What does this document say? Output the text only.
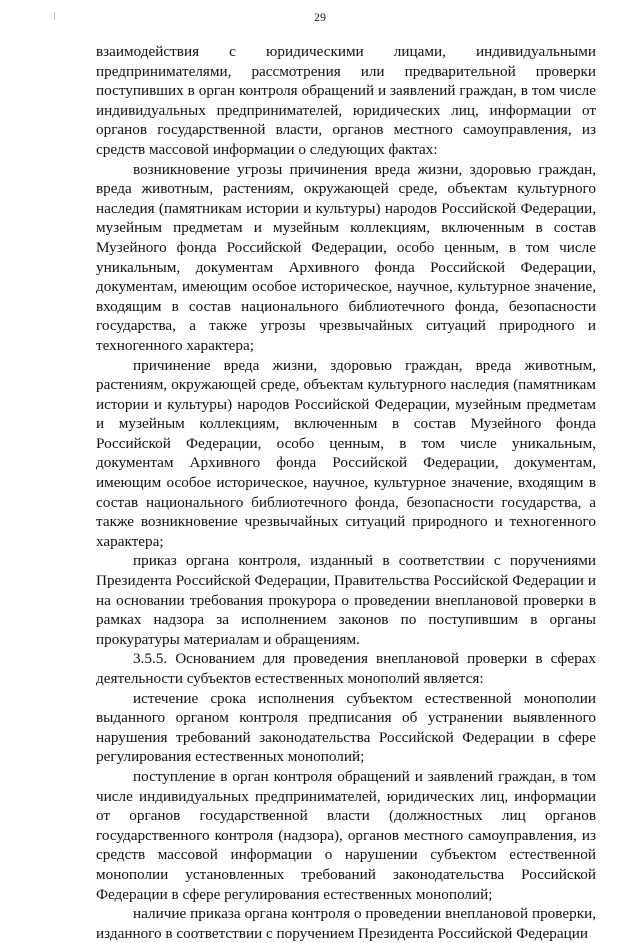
29

взаимодействия с юридическими лицами, индивидуальными предпринимателями, рассмотрения или предварительной проверки поступивших в орган контроля обращений и заявлений граждан, в том числе индивидуальных предпринимателей, юридических лиц, информации от органов государственной власти, органов местного самоуправления, из средств массовой информации о следующих фактах:

возникновение угрозы причинения вреда жизни, здоровью граждан, вреда животным, растениям, окружающей среде, объектам культурного наследия (памятникам истории и культуры) народов Российской Федерации, музейным предметам и музейным коллекциям, включенным в состав Музейного фонда Российской Федерации, особо ценным, в том числе уникальным, документам Архивного фонда Российской Федерации, документам, имеющим особое историческое, научное, культурное значение, входящим в состав национального библиотечного фонда, безопасности государства, а также угрозы чрезвычайных ситуаций природного и техногенного характера;

причинение вреда жизни, здоровью граждан, вреда животным, растениям, окружающей среде, объектам культурного наследия (памятникам истории и культуры) народов Российской Федерации, музейным предметам и музейным коллекциям, включенным в состав Музейного фонда Российской Федерации, особо ценным, в том числе уникальным, документам Архивного фонда Российской Федерации, документам, имеющим особое историческое, научное, культурное значение, входящим в состав национального библиотечного фонда, безопасности государства, а также возникновение чрезвычайных ситуаций природного и техногенного характера;

приказ органа контроля, изданный в соответствии с поручениями Президента Российской Федерации, Правительства Российской Федерации и на основании требования прокурора о проведении внеплановой проверки в рамках надзора за исполнением законов по поступившим в органы прокуратуры материалам и обращениям.

3.5.5. Основанием для проведения внеплановой проверки в сферах деятельности субъектов естественных монополий является:

истечение срока исполнения субъектом естественной монополии выданного органом контроля предписания об устранении выявленного нарушения требований законодательства Российской Федерации в сфере регулирования естественных монополий;

поступление в орган контроля обращений и заявлений граждан, в том числе индивидуальных предпринимателей, юридических лиц, информации от органов государственной власти (должностных лиц органов государственного контроля (надзора), органов местного самоуправления, из средств массовой информации о нарушении субъектом естественной монополии установленных требований законодательства Российской Федерации в сфере регулирования естественных монополий;

наличие приказа органа контроля о проведении внеплановой проверки, изданного в соответствии с поручением Президента Российской Федерации
